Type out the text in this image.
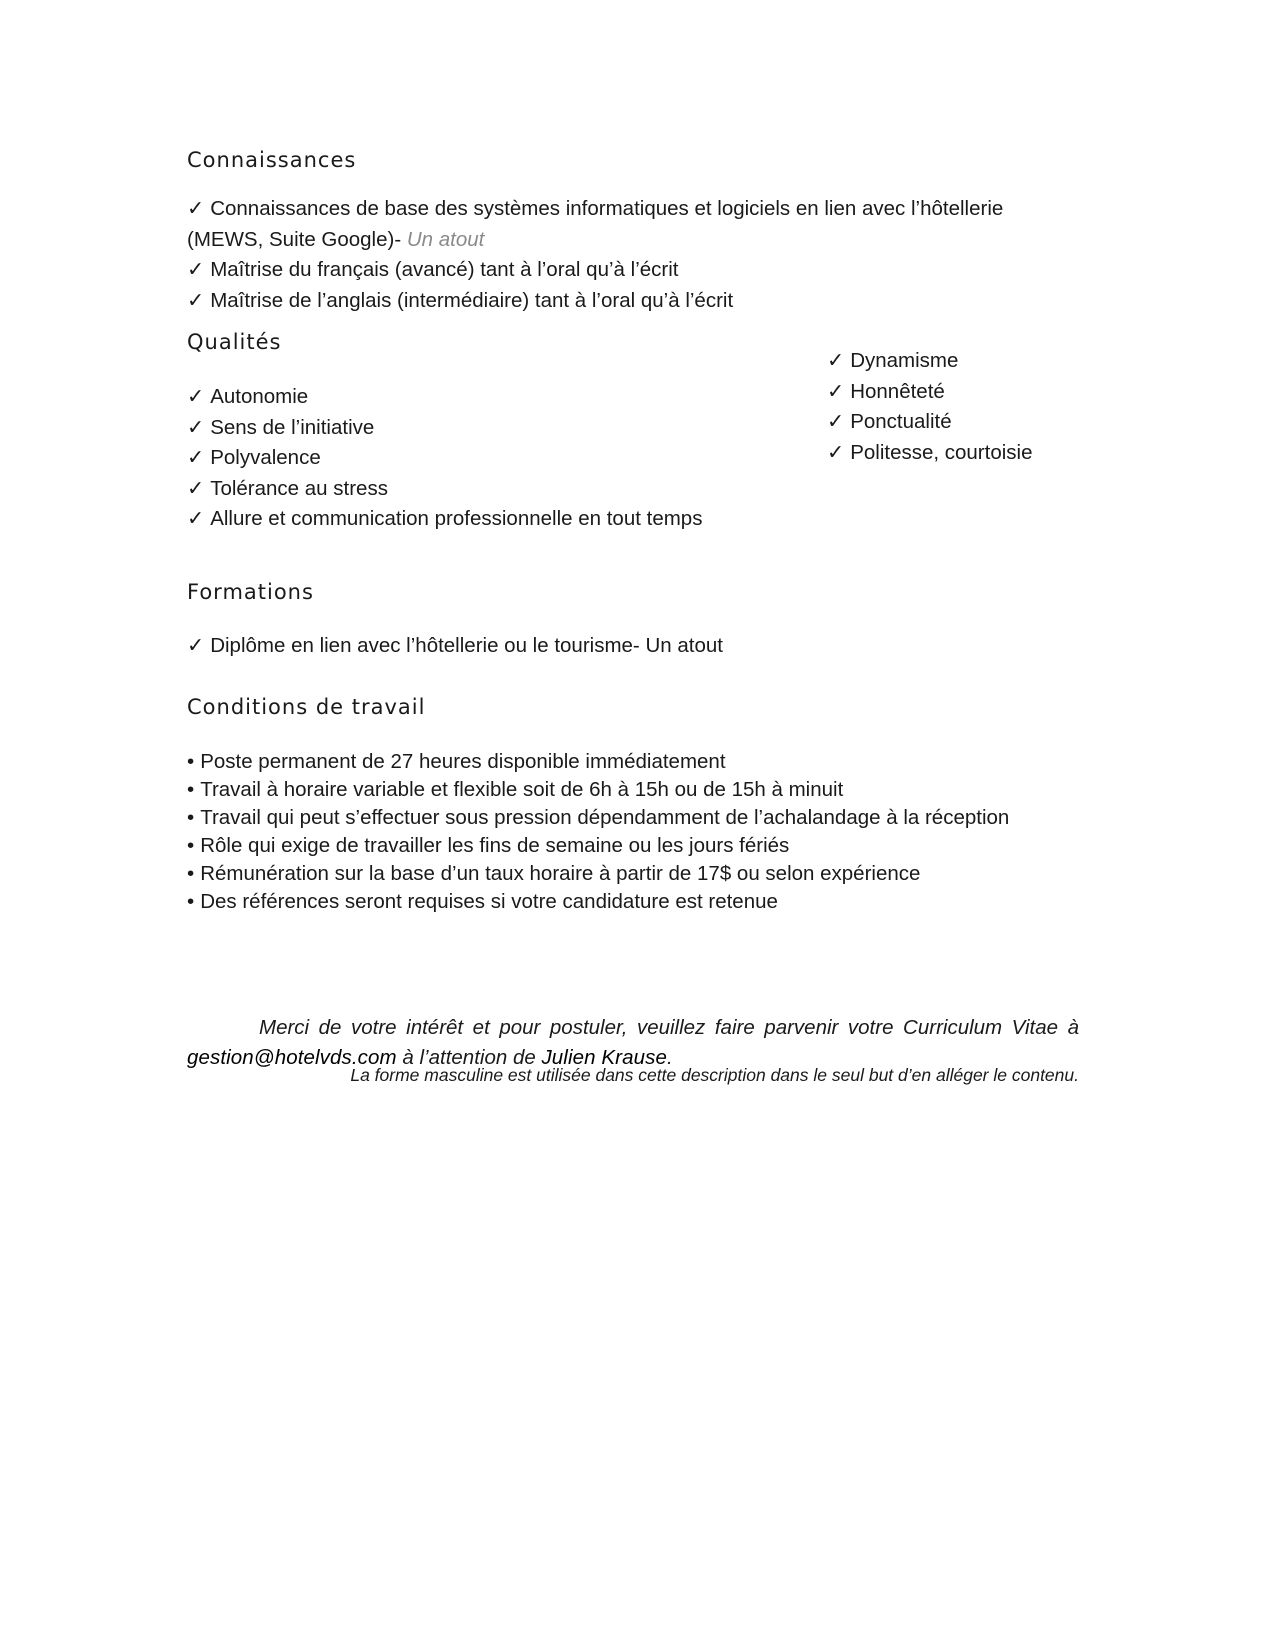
Connaissances
✓ Connaissances de base des systèmes informatiques et logiciels en lien avec l’hôtellerie (MEWS, Suite Google)- Un atout
✓ Maîtrise du français (avancé) tant à l’oral qu’à l’écrit
✓ Maîtrise de l’anglais (intermédiaire) tant à l’oral qu’à l’écrit
Qualités
✓ Autonomie
✓ Sens de l’initiative
✓ Polyvalence
✓ Tolérance au stress
✓ Allure et communication professionnelle en tout temps
✓ Dynamisme
✓ Honnêteté
✓ Ponctualité
✓ Politesse, courtoisie
Formations
✓ Diplôme en lien avec l’hôtellerie ou le tourisme- Un atout
Conditions de travail
• Poste permanent de 27 heures disponible immédiatement
• Travail à horaire variable et flexible soit de 6h à 15h ou de 15h à minuit
• Travail qui peut s’effectuer sous pression dépendamment de l’achalandage à la réception
• Rôle qui exige de travailler les fins de semaine ou les jours fériés
• Rémunération sur la base d’un taux horaire à partir de 17$ ou selon expérience
• Des références seront requises si votre candidature est retenue

Merci de votre intérêt et pour postuler, veuillez faire parvenir votre Curriculum Vitae à gestion@hotelvds.com à l’attention de Julien Krause.

La forme masculine est utilisée dans cette description dans le seul but d’en alléger le contenu.
